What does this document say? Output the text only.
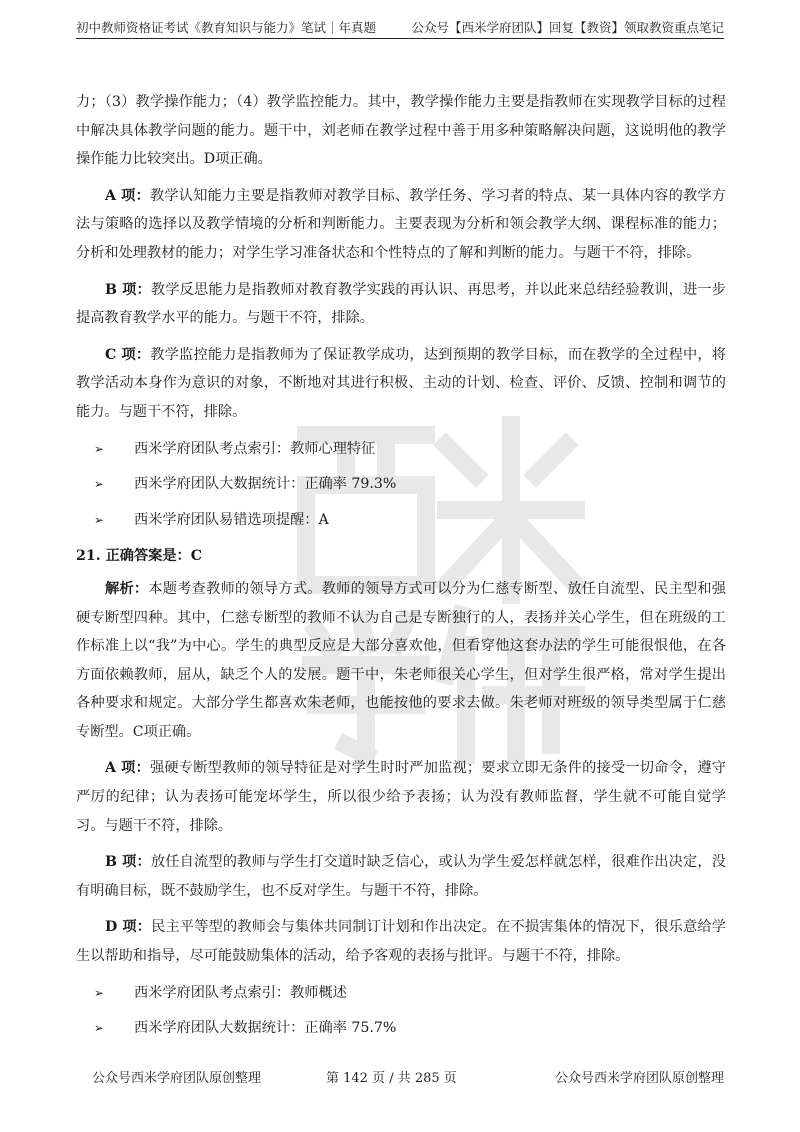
初中教师资格证考试《教育知识与能力》笔试｜年真题	公众号【西米学府团队】回复【教资】领取教资重点笔记

力；（3）教学操作能力；（4）教学监控能力。其中，教学操作能力主要是指教师在实现教学目标的过程中解决具体教学问题的能力。题干中，刘老师在教学过程中善于用多种策略解决问题，这说明他的教学操作能力比较突出。D项正确。

A 项：教学认知能力主要是指教师对教学目标、教学任务、学习者的特点、某一具体内容的教学方法与策略的选择以及教学情境的分析和判断能力。主要表现为分析和领会教学大纲、课程标准的能力；分析和处理教材的能力；对学生学习准备状态和个性特点的了解和判断的能力。与题干不符，排除。

B 项：教学反思能力是指教师对教育教学实践的再认识、再思考，并以此来总结经验教训，进一步提高教育教学水平的能力。与题干不符，排除。

C 项：教学监控能力是指教师为了保证教学成功，达到预期的教学目标，而在教学的全过程中，将教学活动本身作为意识的对象，不断地对其进行积极、主动的计划、检查、评价、反馈、控制和调节的能力。与题干不符，排除。

➢ 西米学府团队考点索引：教师心理特征
➢ 西米学府团队大数据统计：正确率 79.3%
➢ 西米学府团队易错选项提醒：A
21. 正确答案是：C

解析：本题考查教师的领导方式。教师的领导方式可以分为仁慈专断型、放任自流型、民主型和强硬专断型四种。其中，仁慈专断型的教师不认为自己是专断独行的人，表扬并关心学生，但在班级的工作标准上以“我”为中心。学生的典型反应是大部分喜欢他，但看穿他这套办法的学生可能很恨他，在各方面依赖教师，屈从，缺乏个人的发展。题干中，朱老师很关心学生，但对学生很严格，常对学生提出各种要求和规定。大部分学生都喜欢朱老师，也能按他的要求去做。朱老师对班级的领导类型属于仁慈专断型。C项正确。

A 项：强硬专断型教师的领导特征是对学生时时严加监视；要求立即无条件的接受一切命令，遵守严厉的纪律；认为表扬可能宠坏学生，所以很少给予表扬；认为没有教师监督，学生就不可能自觉学习。与题干不符，排除。

B 项：放任自流型的教师与学生打交道时缺乏信心，或认为学生爱怎样就怎样，很难作出决定，没有明确目标，既不鼓励学生，也不反对学生。与题干不符，排除。

D 项：民主平等型的教师会与集体共同制订计划和作出决定。在不损害集体的情况下，很乐意给学生以帮助和指导，尽可能鼓励集体的活动，给予客观的表扬与批评。与题干不符，排除。

➢ 西米学府团队考点索引：教师概述
➢ 西米学府团队大数据统计：正确率 75.7%
公众号西米学府团队原创整理	第 142 页 / 共 285 页	公众号西米学府团队原创整理
